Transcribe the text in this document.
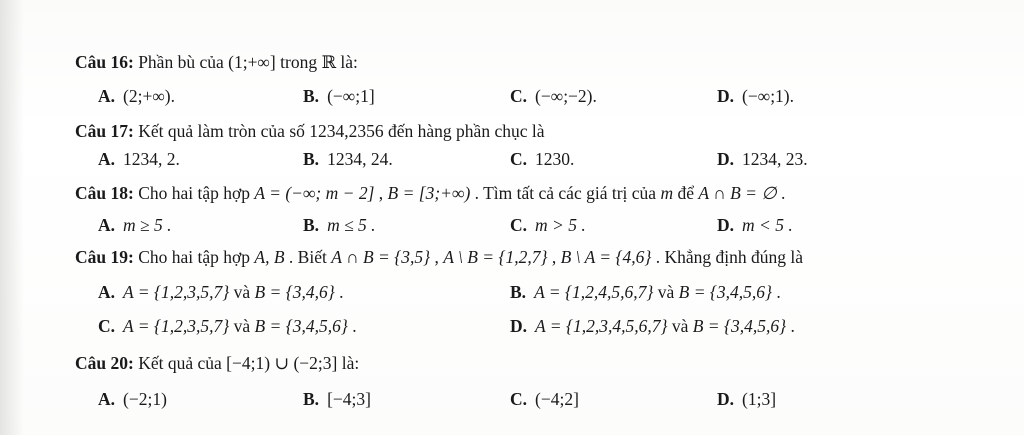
Câu 16: Phần bù của (1;+∞] trong ℝ là:
A. (2;+∞).	B. (−∞;1]	C. (−∞;−2).	D. (−∞;1).
Câu 17: Kết quả làm tròn của số 1234,2356 đến hàng phần chục là
A. 1234, 2.	B. 1234, 24.	C. 1230.	D. 1234, 23.
Câu 18: Cho hai tập hợp A = (−∞; m − 2] , B = [3;+∞) . Tìm tất cả các giá trị của m để A ∩ B = ∅ .
A. m ≥ 5 .	B. m ≤ 5 .	C. m > 5 .	D. m < 5 .
Câu 19: Cho hai tập hợp A, B . Biết A ∩ B = {3,5} , A \ B = {1,2,7} , B \ A = {4,6} . Khẳng định đúng là
A. A = {1,2,3,5,7} và B = {3,4,6} .	B. A = {1,2,4,5,6,7} và B = {3,4,5,6} .
C. A = {1,2,3,5,7} và B = {3,4,5,6} .	D. A = {1,2,3,4,5,6,7} và B = {3,4,5,6} .
Câu 20: Kết quả của [−4;1) ∪ (−2;3] là:
A. (−2;1)	B. [−4;3]	C. (−4;2]	D. (1;3]
